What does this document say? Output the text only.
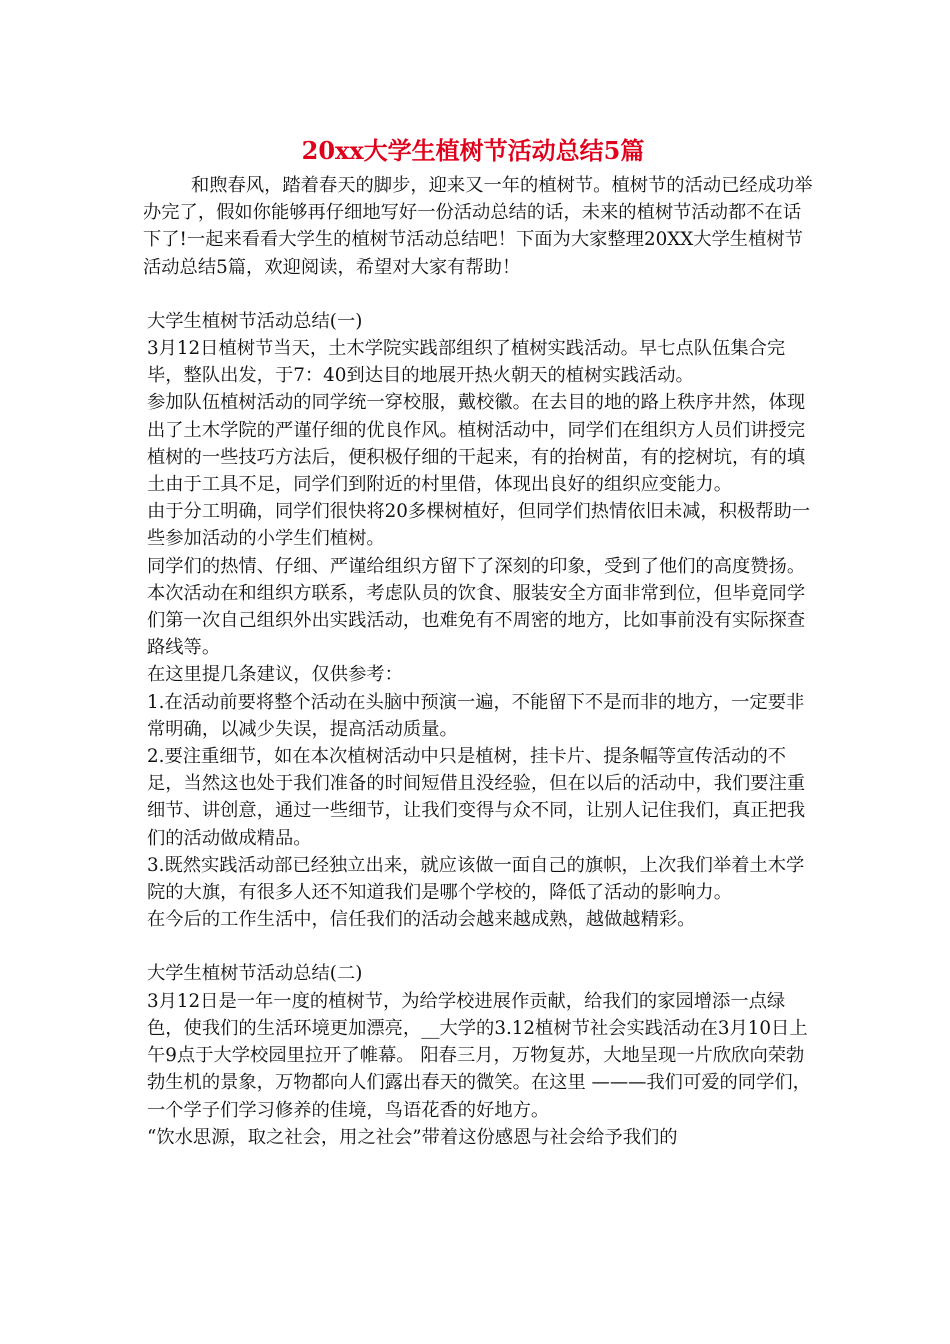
20xx大学生植树节活动总结5篇

和煦春风，踏着春天的脚步，迎来又一年的植树节。植树节的活动已经成功举办完了，假如你能够再仔细地写好一份活动总结的话，未来的植树节活动都不在话下了!一起来看看大学生的植树节活动总结吧！下面为大家整理20XX大学生植树节活动总结5篇，欢迎阅读，希望对大家有帮助！

大学生植树节活动总结(一)

3月12日植树节当天，土木学院实践部组织了植树实践活动。早七点队伍集合完毕，整队出发，于7：40到达目的地展开热火朝天的植树实践活动。

参加队伍植树活动的同学统一穿校服，戴校徽。在去目的地的路上秩序井然，体现出了土木学院的严谨仔细的优良作风。植树活动中，同学们在组织方人员们讲授完植树的一些技巧方法后，便积极仔细的干起来，有的抬树苗，有的挖树坑，有的填土由于工具不足，同学们到附近的村里借，体现出良好的组织应变能力。

由于分工明确，同学们很快将20多棵树植好，但同学们热情依旧未减，积极帮助一些参加活动的小学生们植树。

同学们的热情、仔细、严谨给组织方留下了深刻的印象，受到了他们的高度赞扬。

本次活动在和组织方联系，考虑队员的饮食、服装安全方面非常到位，但毕竟同学们第一次自己组织外出实践活动，也难免有不周密的地方，比如事前没有实际探查路线等。

在这里提几条建议，仅供参考：

1.在活动前要将整个活动在头脑中预演一遍，不能留下不是而非的地方，一定要非常明确，以减少失误，提高活动质量。

2.要注重细节，如在本次植树活动中只是植树，挂卡片、提条幅等宣传活动的不足，当然这也处于我们准备的时间短借且没经验，但在以后的活动中，我们要注重细节、讲创意，通过一些细节，让我们变得与众不同，让别人记住我们，真正把我们的活动做成精品。

3.既然实践活动部已经独立出来，就应该做一面自己的旗帜，上次我们举着土木学院的大旗，有很多人还不知道我们是哪个学校的，降低了活动的影响力。

在今后的工作生活中，信任我们的活动会越来越成熟，越做越精彩。

大学生植树节活动总结(二)

3月12日是一年一度的植树节，为给学校进展作贡献，给我们的家园增添一点绿色，使我们的生活环境更加漂亮，__大学的3.12植树节社会实践活动在3月10日上午9点于大学校园里拉开了帷幕。 阳春三月，万物复苏，大地呈现一片欣欣向荣勃勃生机的景象，万物都向人们露出春天的微笑。在这里 ———我们可爱的同学们，一个学子们学习修养的佳境，鸟语花香的好地方。

“饮水思源，取之社会，用之社会”带着这份感恩与社会给予我们的
